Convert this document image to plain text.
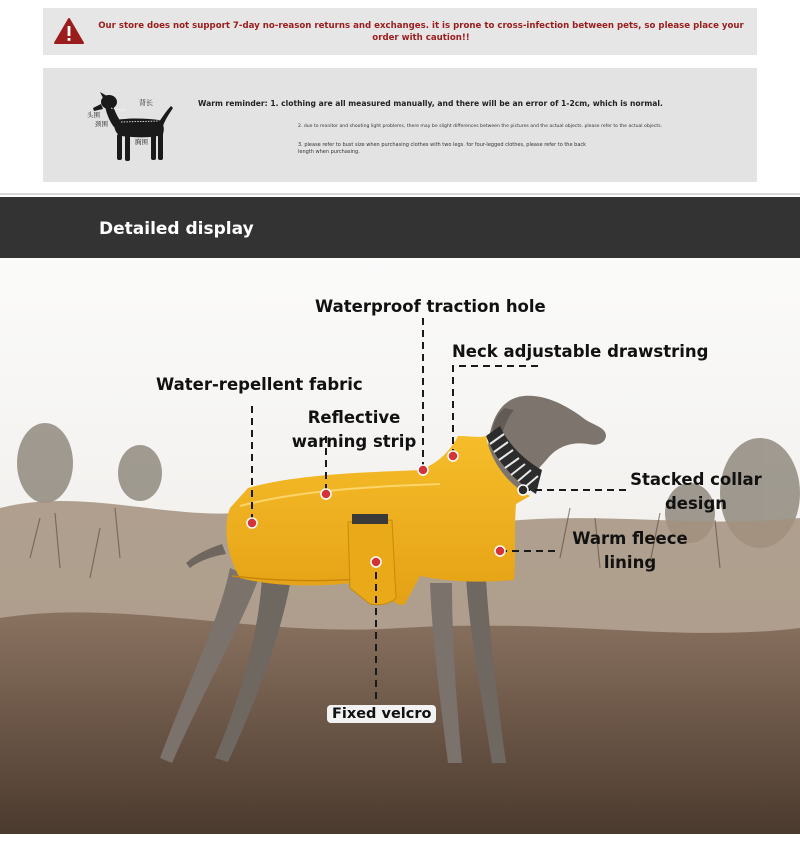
Our store does not support 7-day no-reason returns and exchanges. it is prone to cross-infection between pets, so please place your order with caution!!
背长
头围
颈围
胸围
Warm reminder: 1. clothing are all measured manually, and there will be an error of 1-2cm, which is normal.
2. due to monitor and shooting light problems, there may be slight differences between the pictures and the actual objects. please refer to the actual objects.
3. please refer to bust size when purchasing clothes with two legs. for four-legged clothes, please refer to the back length when purchasing.
Detailed display
Waterproof traction hole
Neck adjustable drawstring
Water-repellent fabric
Reflective warning strip
Stacked collar design
Warm fleece lining
Fixed velcro
